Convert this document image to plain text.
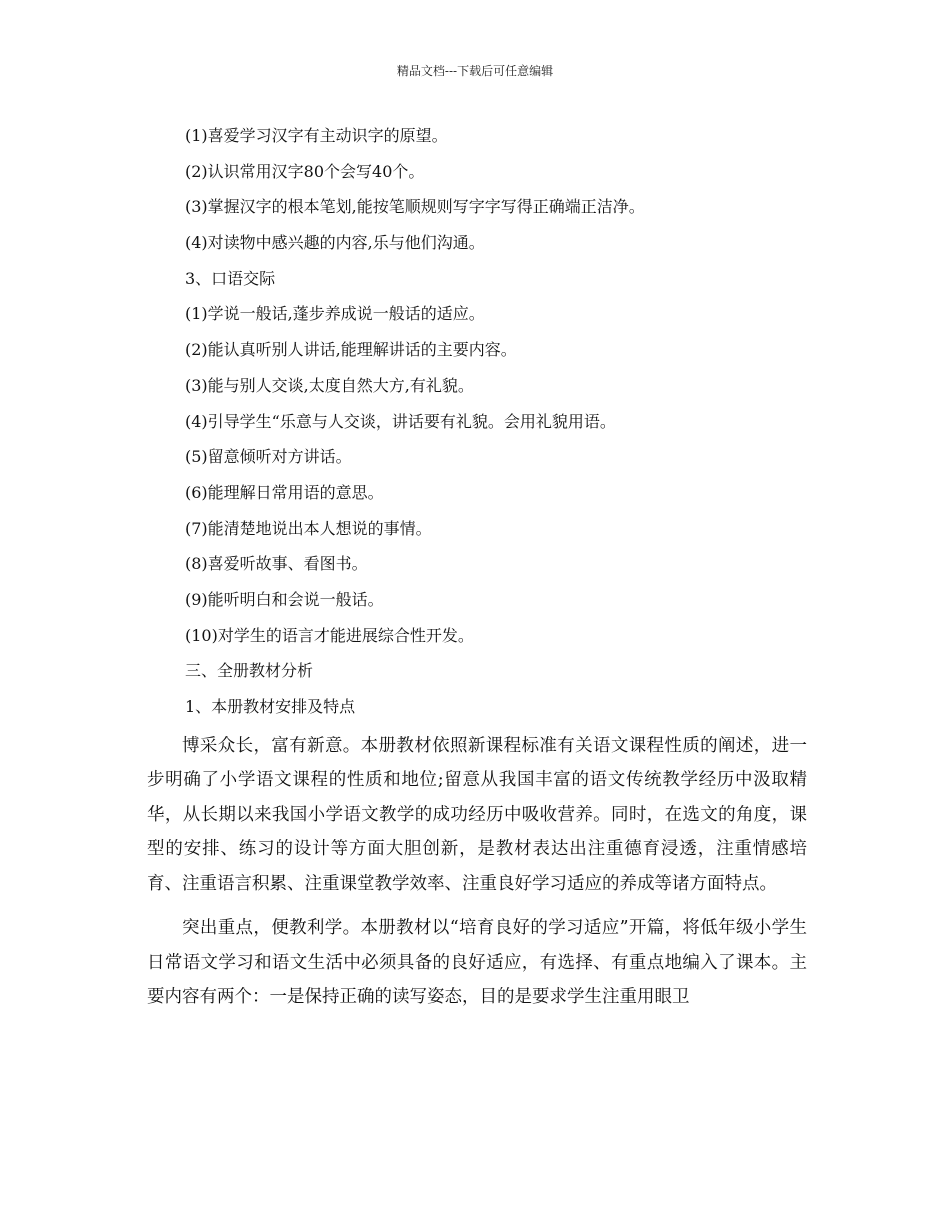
精品文档---下载后可任意编辑
(1)喜爱学习汉字有主动识字的原望。
(2)认识常用汉字80个会写40个。
(3)掌握汉字的根本笔划,能按笔顺规则写字字写得正确端正洁净。
(4)对读物中感兴趣的内容,乐与他们沟通。
3、口语交际
(1)学说一般话,蓬步养成说一般话的适应。
(2)能认真听别人讲话,能理解讲话的主要内容。
(3)能与别人交谈,太度自然大方,有礼貌。
(4)引导学生“乐意与人交谈，讲话要有礼貌。会用礼貌用语。
(5)留意倾听对方讲话。
(6)能理解日常用语的意思。
(7)能清楚地说出本人想说的事情。
(8)喜爱听故事、看图书。
(9)能听明白和会说一般话。
(10)对学生的语言才能进展综合性开发。
三、全册教材分析
1、本册教材安排及特点

博采众长，富有新意。本册教材依照新课程标准有关语文课程性质的阐述，进一步明确了小学语文课程的性质和地位;留意从我国丰富的语文传统教学经历中汲取精华，从长期以来我国小学语文教学的成功经历中吸收营养。同时，在选文的角度，课型的安排、练习的设计等方面大胆创新，是教材表达出注重德育浸透，注重情感培育、注重语言积累、注重课堂教学效率、注重良好学习适应的养成等诸方面特点。

突出重点，便教利学。本册教材以“培育良好的学习适应”开篇，将低年级小学生日常语文学习和语文生活中必须具备的良好适应，有选择、有重点地编入了课本。主要内容有两个：一是保持正确的读写姿态，目的是要求学生注重用眼卫
